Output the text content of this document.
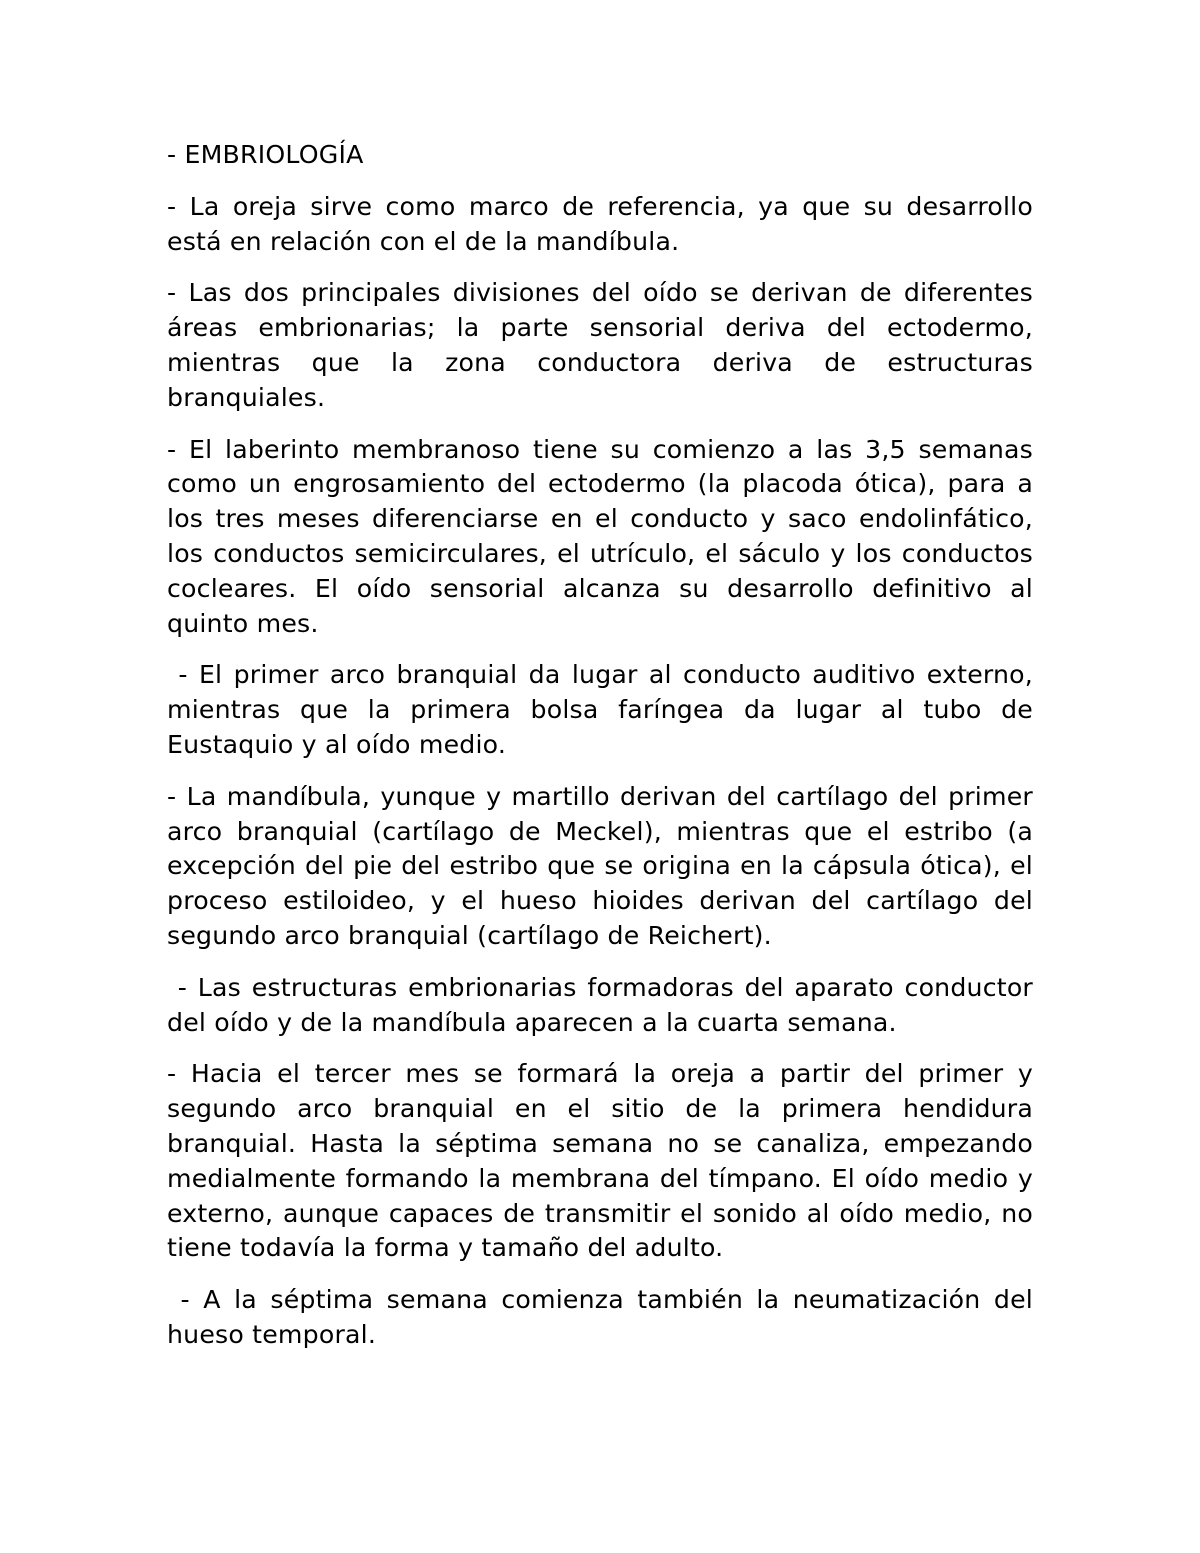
- EMBRIOLOGÍA

- La oreja sirve como marco de referencia, ya que su desarrollo está en relación con el de la mandíbula.

- Las dos principales divisiones del oído se derivan de diferentes áreas embrionarias; la parte sensorial deriva del ectodermo, mientras que la zona conductora deriva de estructuras branquiales.

- El laberinto membranoso tiene su comienzo a las 3,5 semanas como un engrosamiento del ectodermo (la placoda ótica), para a los tres meses diferenciarse en el conducto y saco endolinfático, los conductos semicirculares, el utrículo, el sáculo y los conductos cocleares. El oído sensorial alcanza su desarrollo definitivo al quinto mes.

- El primer arco branquial da lugar al conducto auditivo externo, mientras que la primera bolsa faríngea da lugar al tubo de Eustaquio y al oído medio.

- La mandíbula, yunque y martillo derivan del cartílago del primer arco branquial (cartílago de Meckel), mientras que el estribo (a excepción del pie del estribo que se origina en la cápsula ótica), el proceso estiloideo, y el hueso hioides derivan del cartílago del segundo arco branquial (cartílago de Reichert).

- Las estructuras embrionarias formadoras del aparato conductor del oído y de la mandíbula aparecen a la cuarta semana.

- Hacia el tercer mes se formará la oreja a partir del primer y segundo arco branquial en el sitio de la primera hendidura branquial. Hasta la séptima semana no se canaliza, empezando medialmente formando la membrana del tímpano. El oído medio y externo, aunque capaces de transmitir el sonido al oído medio, no tiene todavía la forma y tamaño del adulto.

- A la séptima semana comienza también la neumatización del hueso temporal.
